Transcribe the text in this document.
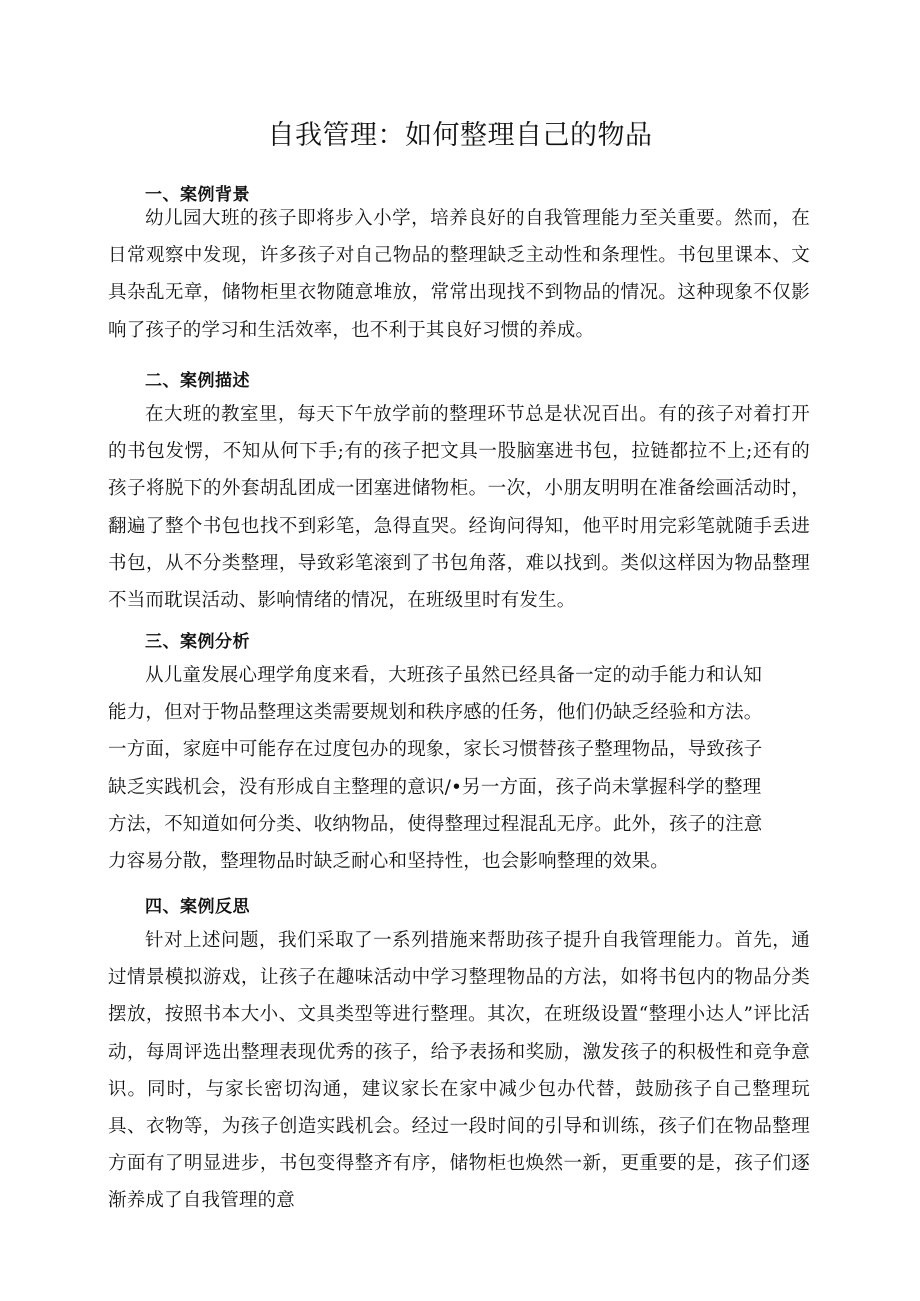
自我管理：如何整理自己的物品
一、案例背景
幼儿园大班的孩子即将步入小学，培养良好的自我管理能力至关重要。然而，在日常观察中发现，许多孩子对自己物品的整理缺乏主动性和条理性。书包里课本、文具杂乱无章，储物柜里衣物随意堆放，常常出现找不到物品的情况。这种现象不仅影响了孩子的学习和生活效率，也不利于其良好习惯的养成。
二、案例描述
在大班的教室里，每天下午放学前的整理环节总是状况百出。有的孩子对着打开的书包发愣，不知从何下手;有的孩子把文具一股脑塞进书包，拉链都拉不上;还有的孩子将脱下的外套胡乱团成一团塞进储物柜。一次，小朋友明明在准备绘画活动时，翻遍了整个书包也找不到彩笔，急得直哭。经询问得知，他平时用完彩笔就随手丢进书包，从不分类整理，导致彩笔滚到了书包角落，难以找到。类似这样因为物品整理不当而耽误活动、影响情绪的情况，在班级里时有发生。
三、案例分析
从儿童发展心理学角度来看，大班孩子虽然已经具备一定的动手能力和认知能力，但对于物品整理这类需要规划和秩序感的任务，他们仍缺乏经验和方法。一方面，家庭中可能存在过度包办的现象，家长习惯替孩子整理物品，导致孩子缺乏实践机会，没有形成自主整理的意识/•另一方面，孩子尚未掌握科学的整理方法，不知道如何分类、收纳物品，使得整理过程混乱无序。此外，孩子的注意力容易分散，整理物品时缺乏耐心和坚持性，也会影响整理的效果。
四、案例反思
针对上述问题，我们采取了一系列措施来帮助孩子提升自我管理能力。首先，通过情景模拟游戏，让孩子在趣味活动中学习整理物品的方法，如将书包内的物品分类摆放，按照书本大小、文具类型等进行整理。其次，在班级设置“整理小达人”评比活动，每周评选出整理表现优秀的孩子，给予表扬和奖励，激发孩子的积极性和竞争意识。同时，与家长密切沟通，建议家长在家中减少包办代替，鼓励孩子自己整理玩具、衣物等，为孩子创造实践机会。经过一段时间的引导和训练，孩子们在物品整理方面有了明显进步，书包变得整齐有序，储物柜也焕然一新，更重要的是，孩子们逐渐养成了自我管理的意
